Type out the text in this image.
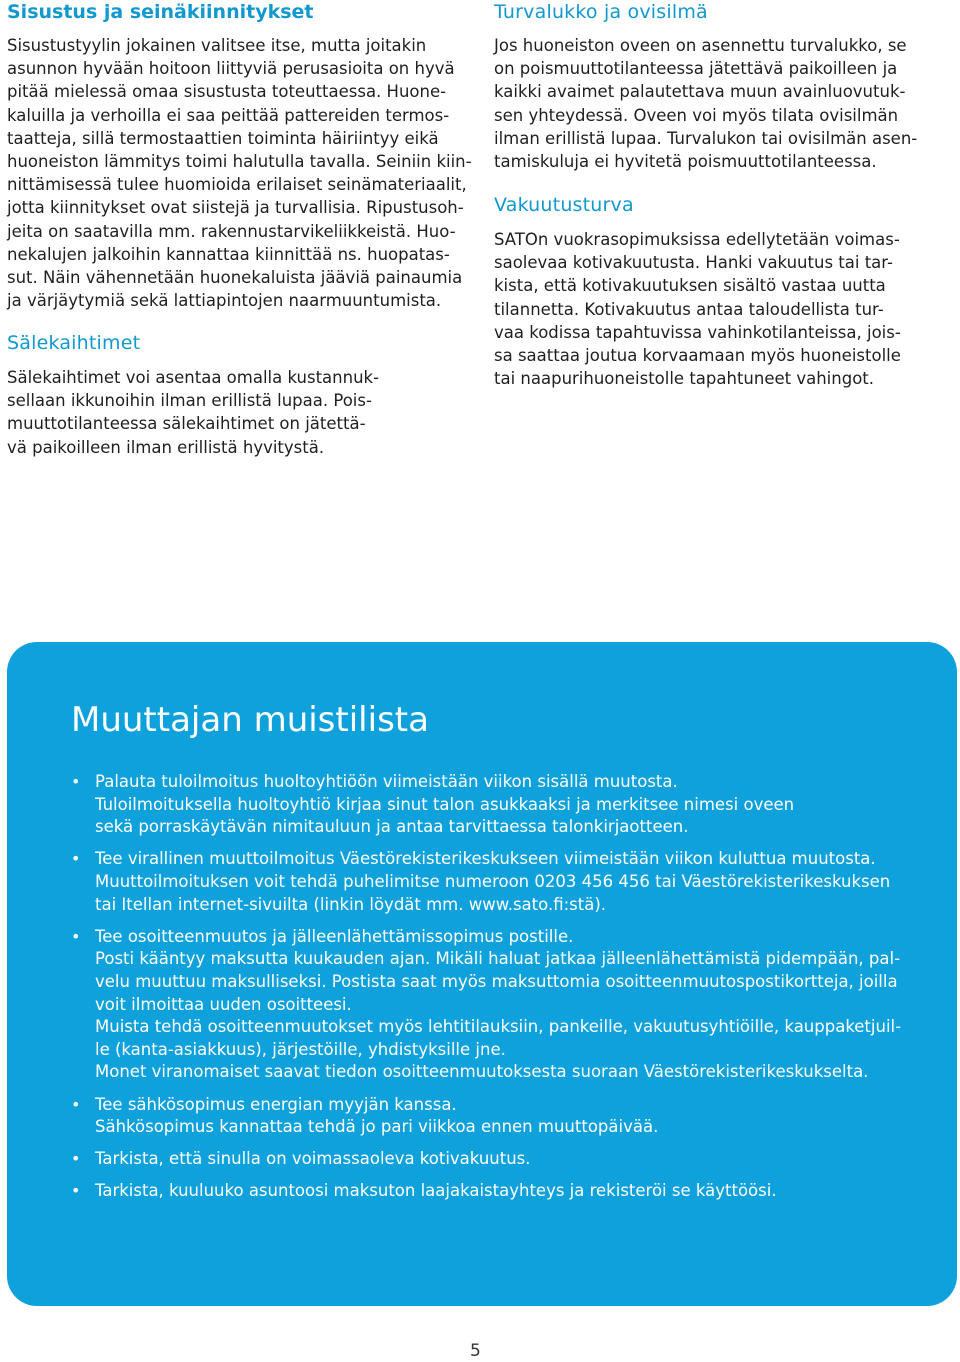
Sisustus ja seinäkiinnitykset

Sisustustyylin jokainen valitsee itse, mutta joitakin
asunnon hyvään hoitoon liittyviä perusasioita on hyvä
pitää mielessä omaa sisustusta toteuttaessa. Huone-
kaluilla ja verhoilla ei saa peittää pattereiden termos-
taatteja, sillä termostaattien toiminta häiriintyy eikä
huoneiston lämmitys toimi halutulla tavalla. Seiniin kiin-
nittämisessä tulee huomioida erilaiset seinämateriaalit,
jotta kiinnitykset ovat siistejä ja turvallisia. Ripustusoh-
jeita on saatavilla mm. rakennustarvikeliikkeistä. Huo-
nekalujen jalkoihin kannattaa kiinnittää ns. huopatas-
sut. Näin vähennetään huonekaluista jääviä painaumia
ja värjäytymiä sekä lattiapintojen naarmuuntumista.

Sälekaihtimet

Sälekaihtimet voi asentaa omalla kustannuk-
sellaan ikkunoihin ilman erillistä lupaa. Pois-
muuttotilanteessa sälekaihtimet on jätettä-
vä paikoilleen ilman erillistä hyvitystä.

Turvalukko ja ovisilmä

Jos huoneiston oveen on asennettu turvalukko, se
on poismuuttotilanteessa jätettävä paikoilleen ja
kaikki avaimet palautettava muun avainluovutuk-
sen yhteydessä. Oveen voi myös tilata ovisilmän
ilman erillistä lupaa. Turvalukon tai ovisilmän asen-
tamiskuluja ei hyvitetä poismuuttotilanteessa.

Vakuutusturva

SATOn vuokrasopimuksissa edellytetään voimas-
saolevaa kotivakuutusta. Hanki vakuutus tai tar-
kista, että kotivakuutuksen sisältö vastaa uutta
tilannetta. Kotivakuutus antaa taloudellista tur-
vaa kodissa tapahtuvissa vahinkotilanteissa, jois-
sa saattaa joutua korvaamaan myös huoneistolle
tai naapurihuoneistolle tapahtuneet vahingot.

Muuttajan muistilista
• Palauta tuloilmoitus huoltoyhtiöön viimeistään viikon sisällä muutosta.
Tuloilmoituksella huoltoyhtiö kirjaa sinut talon asukkaaksi ja merkitsee nimesi oveen
sekä porraskäytävän nimitauluun ja antaa tarvittaessa talonkirjaotteen.
• Tee virallinen muuttoilmoitus Väestörekisterikeskukseen viimeistään viikon kuluttua muutosta.
Muuttoilmoituksen voit tehdä puhelimitse numeroon 0203 456 456 tai Väestörekisterikeskuksen
tai Itellan internet-sivuilta (linkin löydät mm. www.sato.fi:stä).
• Tee osoitteenmuutos ja jälleenlähettämissopimus postille.
Posti kääntyy maksutta kuukauden ajan. Mikäli haluat jatkaa jälleenlähettämistä pidempään, pal-
velu muuttuu maksulliseksi. Postista saat myös maksuttomia osoitteenmuutospostikortteja, joilla
voit ilmoittaa uuden osoitteesi.
Muista tehdä osoitteenmuutokset myös lehtitilauksiin, pankeille, vakuutusyhtiöille, kauppaketjuil-
le (kanta-asiakkuus), järjestöille, yhdistyksille jne.
Monet viranomaiset saavat tiedon osoitteenmuutoksesta suoraan Väestörekisterikeskukselta.
• Tee sähkösopimus energian myyjän kanssa.
Sähkösopimus kannattaa tehdä jo pari viikkoa ennen muuttopäivää.
• Tarkista, että sinulla on voimassaoleva kotivakuutus.
• Tarkista, kuuluuko asuntoosi maksuton laajakaistayhteys ja rekisteröi se käyttöösi.

5
